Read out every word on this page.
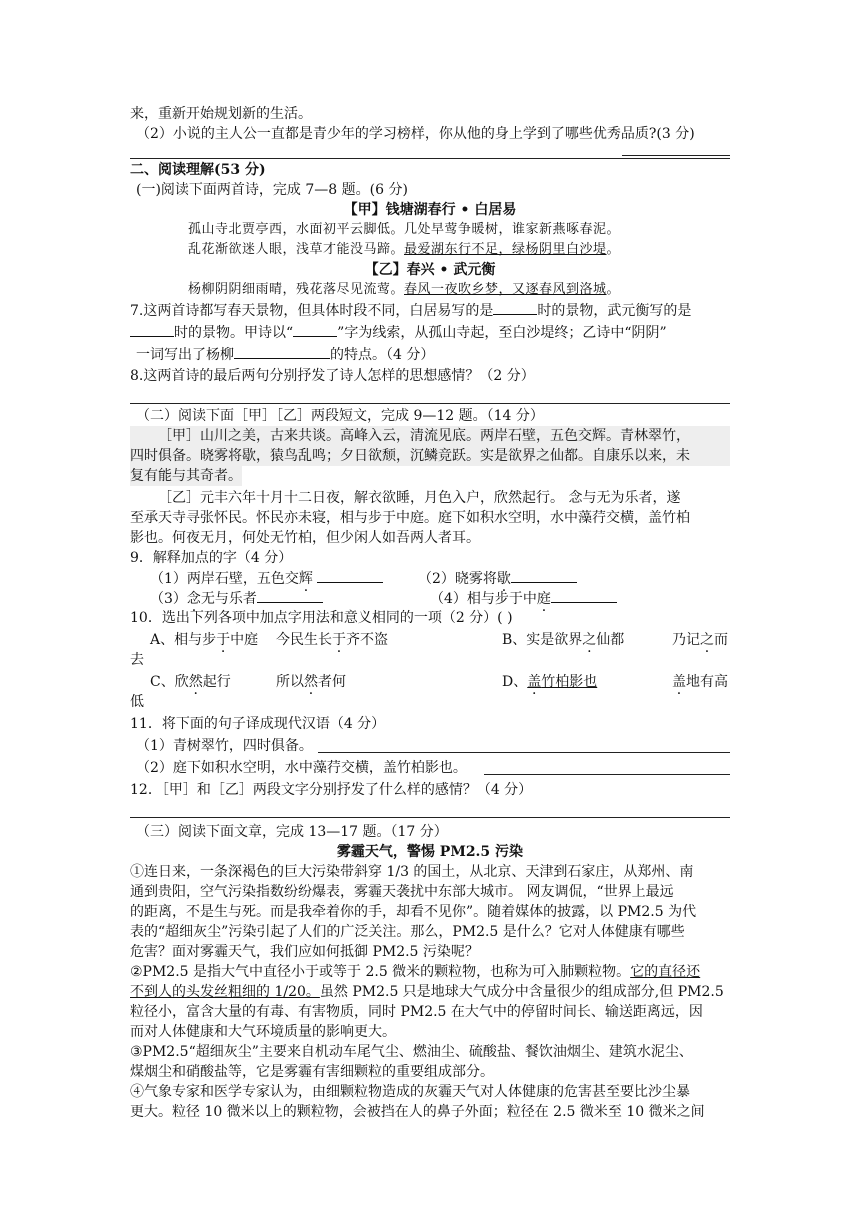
来，重新开始规划新的生活。
（2）小说的主人公一直都是青少年的学习榜样，你从他的身上学到了哪些优秀品质?(3 分)
二、阅读理解(53 分)
(一)阅读下面两首诗，完成 7—8 题。(6 分)
【甲】钱塘湖春行 • 白居易
孤山寺北贾亭西，水面初平云脚低。几处早莺争暖树，谁家新燕啄春泥。
乱花渐欲迷人眼，浅草才能没马蹄。最爱湖东行不足，绿杨阴里白沙堤。
【乙】春兴 • 武元衡
杨柳阴阴细雨晴，残花落尽见流莺。春风一夜吹乡梦，又逐春风到洛城。
7.这两首诗都写春天景物，但具体时段不同，白居易写的是	时的景物，武元衡写的是
时的景物。甲诗以“	”字为线索，从孤山寺起，至白沙堤终；乙诗中“阴阴”
一词写出了杨柳	的特点。（4 分）
8.这两首诗的最后两句分别抒发了诗人怎样的思想感情？（2 分）
（二）阅读下面［甲］［乙］两段短文，完成 9—12 题。（14 分）
［甲］山川之美，古来共谈。高峰入云，清流见底。两岸石壁，五色交辉。青林翠竹，
四时俱备。晓雾将歇，猿鸟乱鸣；夕日欲颓，沉鳞竞跃。实是欲界之仙都。自康乐以来，未
复有能与其奇者。
［乙］元丰六年十月十二日夜，解衣欲睡，月色入户，欣然起行。 念与无为乐者，遂
至承天寺寻张怀民。怀民亦未寝，相与步于中庭。庭下如积水空明，水中藻荇交横，盖竹柏
影也。何夜无月，何处无竹柏，但少闲人如吾两人者耳。
9．解释加点的字（4 分）
（1）两岸石壁，五色交辉	（2）晓雾将歇
（3）念无与乐者	（4）相与步于中庭
10．选出下列各项中加点字用法和意义相同的一项（2 分）( )
A、相与步于中庭 今民生长于齐不盗	B、实是欲界之仙都	乃记之而
去
C、欣然起行	所以然者何	D、盖竹柏影也	盖地有高
低
11．将下面的句子译成现代汉语（4 分）
（1）青树翠竹，四时俱备。
（2）庭下如积水空明，水中藻荇交横，盖竹柏影也。
12．［甲］和［乙］两段文字分别抒发了什么样的感情？（4 分）
（三）阅读下面文章，完成 13—17 题。（17 分）
雾霾天气，警惕 PM2.5 污染
①连日来，一条深褐色的巨大污染带斜穿 1/3 的国土，从北京、天津到石家庄，从郑州、南
通到贵阳，空气污染指数纷纷爆表，雾霾天袭扰中东部大城市。 网友调侃，“世界上最远
的距离，不是生与死。而是我牵着你的手，却看不见你”。随着媒体的披露，以 PM2.5 为代
表的“超细灰尘”污染引起了人们的广泛关注。那么，PM2.5 是什么？它对人体健康有哪些
危害？面对雾霾天气，我们应如何抵御 PM2.5 污染呢？
②PM2.5 是指大气中直径小于或等于 2.5 微米的颗粒物，也称为可入肺颗粒物。它的直径还
不到人的头发丝粗细的 1/20。虽然 PM2.5 只是地球大气成分中含量很少的组成部分,但 PM2.5
粒径小，富含大量的有毒、有害物质，同时 PM2.5 在大气中的停留时间长、输送距离远，因
而对人体健康和大气环境质量的影响更大。
③PM2.5“超细灰尘”主要来自机动车尾气尘、燃油尘、硫酸盐、餐饮油烟尘、建筑水泥尘、
煤烟尘和硝酸盐等，它是雾霾有害细颗粒的重要组成部分。
④气象专家和医学专家认为，由细颗粒物造成的灰霾天气对人体健康的危害甚至要比沙尘暴
更大。粒径 10 微米以上的颗粒物，会被挡在人的鼻子外面；粒径在 2.5 微米至 10 微米之间
